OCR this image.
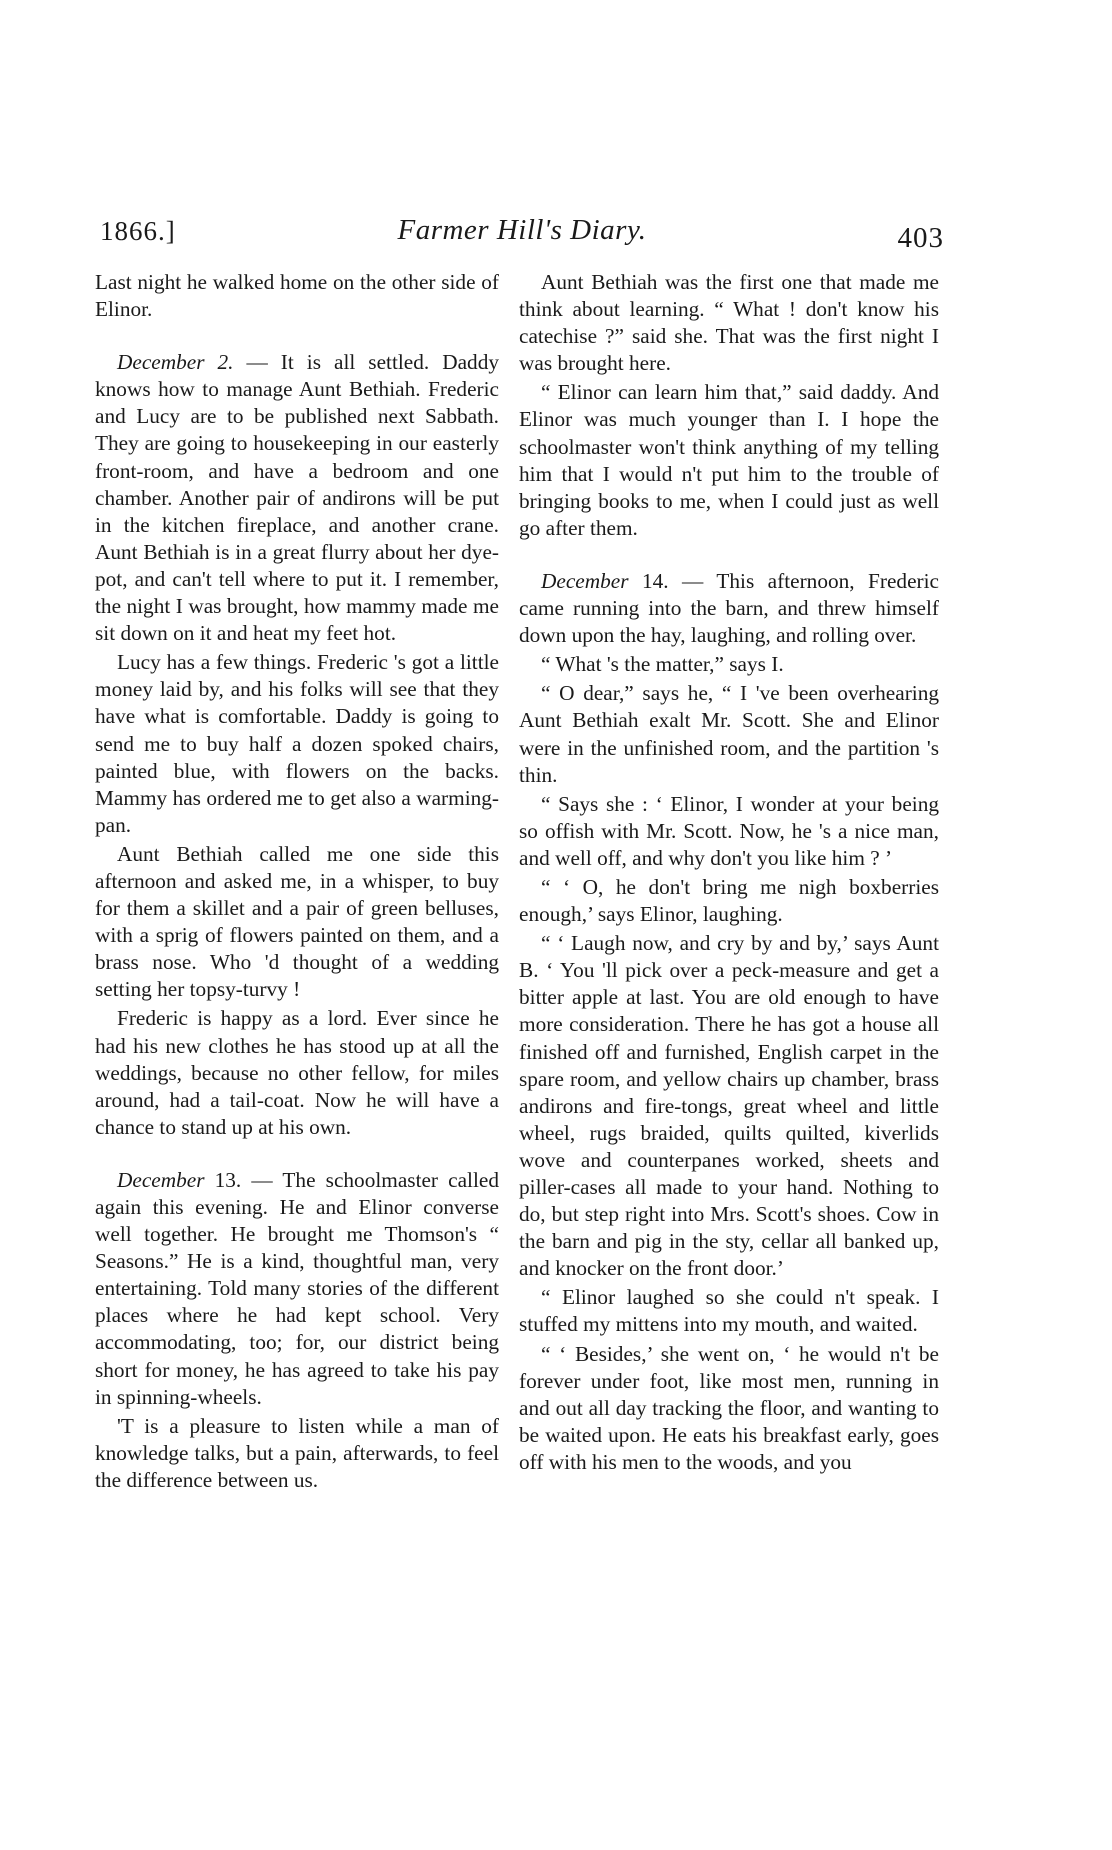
1866.]	Farmer Hill's Diary.	403

Last night he walked home on the other side of Elinor.

December 2. — It is all settled. Daddy knows how to manage Aunt Bethiah. Frederic and Lucy are to be published next Sabbath. They are going to housekeeping in our easterly front-room, and have a bedroom and one chamber. Another pair of andirons will be put in the kitchen fireplace, and another crane. Aunt Bethiah is in a great flurry about her dye-pot, and can't tell where to put it. I remember, the night I was brought, how mammy made me sit down on it and heat my feet hot.

Lucy has a few things. Frederic 's got a little money laid by, and his folks will see that they have what is comfortable. Daddy is going to send me to buy half a dozen spoked chairs, painted blue, with flowers on the backs. Mammy has ordered me to get also a warming-pan.

Aunt Bethiah called me one side this afternoon and asked me, in a whisper, to buy for them a skillet and a pair of green belluses, with a sprig of flowers painted on them, and a brass nose. Who 'd thought of a wedding setting her topsy-turvy !

Frederic is happy as a lord. Ever since he had his new clothes he has stood up at all the weddings, because no other fellow, for miles around, had a tail-coat. Now he will have a chance to stand up at his own.

December 13. — The schoolmaster called again this evening. He and Elinor converse well together. He brought me Thomson's “ Seasons.” He is a kind, thoughtful man, very entertaining. Told many stories of the different places where he had kept school. Very accommodating, too; for, our district being short for money, he has agreed to take his pay in spinning-wheels.

'T is a pleasure to listen while a man of knowledge talks, but a pain, afterwards, to feel the difference between us.

Aunt Bethiah was the first one that made me think about learning. “ What ! don't know his catechise ?” said she. That was the first night I was brought here.

“ Elinor can learn him that,” said daddy. And Elinor was much younger than I. I hope the schoolmaster won't think anything of my telling him that I would n't put him to the trouble of bringing books to me, when I could just as well go after them.

December 14. — This afternoon, Frederic came running into the barn, and threw himself down upon the hay, laughing, and rolling over.

“ What 's the matter,” says I.

“ O dear,” says he, “ I 've been overhearing Aunt Bethiah exalt Mr. Scott. She and Elinor were in the unfinished room, and the partition 's thin.

“ Says she : ‘ Elinor, I wonder at your being so offish with Mr. Scott. Now, he 's a nice man, and well off, and why don't you like him ? ’

“ ‘ O, he don't bring me nigh boxberries enough,’ says Elinor, laughing.

“ ‘ Laugh now, and cry by and by,’ says Aunt B. ‘ You 'll pick over a peck-measure and get a bitter apple at last. You are old enough to have more consideration. There he has got a house all finished off and furnished, English carpet in the spare room, and yellow chairs up chamber, brass andirons and fire-tongs, great wheel and little wheel, rugs braided, quilts quilted, kiverlids wove and counterpanes worked, sheets and piller-cases all made to your hand. Nothing to do, but step right into Mrs. Scott's shoes. Cow in the barn and pig in the sty, cellar all banked up, and knocker on the front door.’

“ Elinor laughed so she could n't speak. I stuffed my mittens into my mouth, and waited.

“ ‘ Besides,’ she went on, ‘ he would n't be forever under foot, like most men, running in and out all day tracking the floor, and wanting to be waited upon. He eats his breakfast early, goes off with his men to the woods, and you
